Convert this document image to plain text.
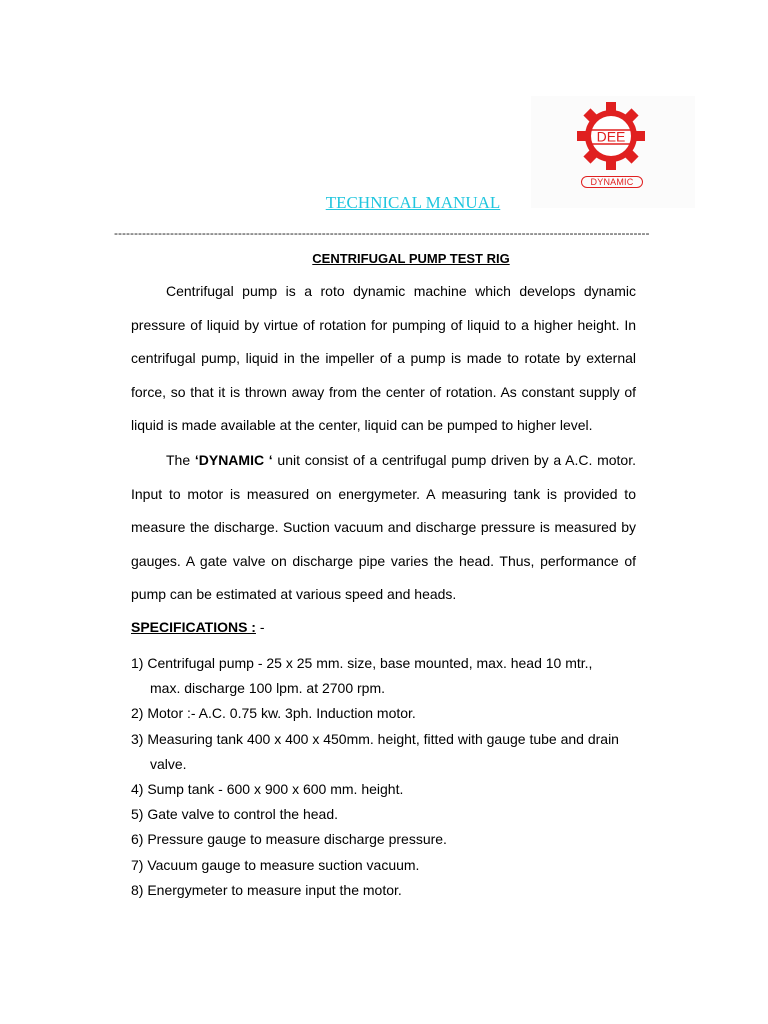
DEE
DYNAMIC
TECHNICAL MANUAL
--------------------------------------------------------------------------------------------------------------------------------------
CENTRIFUGAL PUMP TEST RIG
Centrifugal pump is a roto dynamic machine which develops dynamic pressure of liquid by virtue of rotation for pumping of liquid to a higher height. In centrifugal pump, liquid in the impeller of a pump is made to rotate by external force, so that it is thrown away from the center of rotation. As constant supply of liquid is made available at the center, liquid can be pumped to higher level.
The ‘DYNAMIC ‘ unit consist of a centrifugal pump driven by a A.C. motor. Input to motor is measured on energymeter. A measuring tank is provided to measure the discharge. Suction vacuum and discharge pressure is measured by gauges. A gate valve on discharge pipe varies the head. Thus, performance of pump can be estimated at various speed and heads.
SPECIFICATIONS : -
1) Centrifugal pump - 25 x 25 mm. size, base mounted, max. head 10 mtr.,
max. discharge 100 lpm. at 2700 rpm.
2) Motor :- A.C. 0.75 kw. 3ph. Induction motor.
3) Measuring tank 400 x 400 x 450mm. height, fitted with gauge tube and drain
valve.
4) Sump tank - 600 x 900 x 600 mm. height.
5) Gate valve to control the head.
6) Pressure gauge to measure discharge pressure.
7) Vacuum gauge to measure suction vacuum.
8) Energymeter to measure input the motor.
